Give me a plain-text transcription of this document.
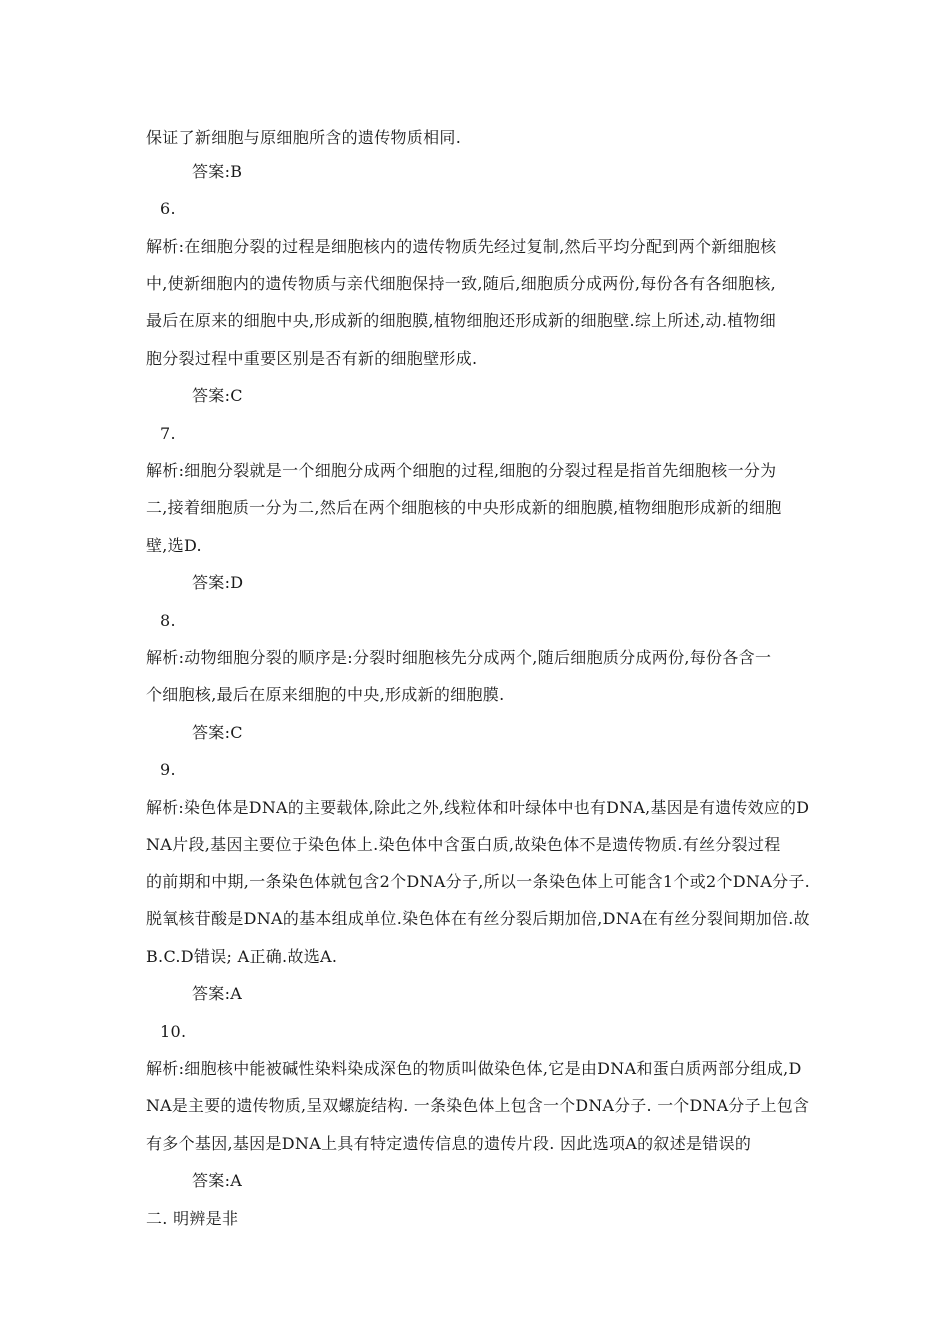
保证了新细胞与原细胞所含的遗传物质相同.
答案:B
6.
解析:在细胞分裂的过程是细胞核内的遗传物质先经过复制,然后平均分配到两个新细胞核
中,使新细胞内的遗传物质与亲代细胞保持一致,随后,细胞质分成两份,每份各有各细胞核,
最后在原来的细胞中央,形成新的细胞膜,植物细胞还形成新的细胞壁.综上所述,动.植物细
胞分裂过程中重要区别是否有新的细胞壁形成.
答案:C
7.
解析:细胞分裂就是一个细胞分成两个细胞的过程,细胞的分裂过程是指首先细胞核一分为
二,接着细胞质一分为二,然后在两个细胞核的中央形成新的细胞膜,植物细胞形成新的细胞
壁,选D.
答案:D
8.
解析:动物细胞分裂的顺序是:分裂时细胞核先分成两个,随后细胞质分成两份,每份各含一
个细胞核,最后在原来细胞的中央,形成新的细胞膜.
答案:C
9.
解析:染色体是DNA的主要载体,除此之外,线粒体和叶绿体中也有DNA,基因是有遗传效应的D
NA片段,基因主要位于染色体上.染色体中含蛋白质,故染色体不是遗传物质.有丝分裂过程
的前期和中期,一条染色体就包含2个DNA分子,所以一条染色体上可能含1个或2个DNA分子.
脱氧核苷酸是DNA的基本组成单位.染色体在有丝分裂后期加倍,DNA在有丝分裂间期加倍.故
B.C.D错误; A正确.故选A.
答案:A
10.
解析:细胞核中能被碱性染料染成深色的物质叫做染色体,它是由DNA和蛋白质两部分组成,D
NA是主要的遗传物质,呈双螺旋结构. 一条染色体上包含一个DNA分子. 一个DNA分子上包含
有多个基因,基因是DNA上具有特定遗传信息的遗传片段. 因此选项A的叙述是错误的
答案:A
二. 明辨是非
